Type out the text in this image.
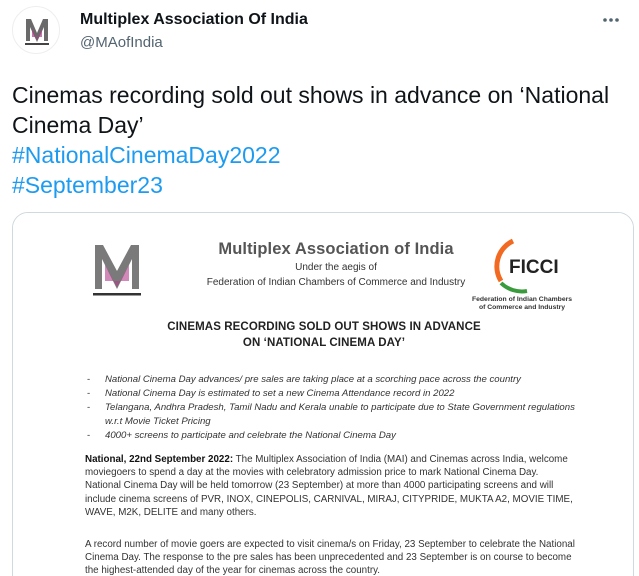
Multiplex Association Of India
@MAofIndia
Cinemas recording sold out shows in advance on ‘National Cinema Day’
#NationalCinemaDay2022
#September23
Multiplex Association of India
Under the aegis of
Federation of Indian Chambers of Commerce and Industry
FICCI
Federation of Indian Chambers
of Commerce and Industry
CINEMAS RECORDING SOLD OUT SHOWS IN ADVANCE
ON ‘NATIONAL CINEMA DAY’
- National Cinema Day advances/ pre sales are taking place at a scorching pace across the country
- National Cinema Day is estimated to set a new Cinema Attendance record in 2022
- Telangana, Andhra Pradesh, Tamil Nadu and Kerala unable to participate due to State Government regulations w.r.t Movie Ticket Pricing
- 4000+ screens to participate and celebrate the National Cinema Day
National, 22nd September 2022: The Multiplex Association of India (MAI) and Cinemas across India, welcome moviegoers to spend a day at the movies with celebratory admission price to mark National Cinema Day. National Cinema Day will be held tomorrow (23 September) at more than 4000 participating screens and will include cinema screens of PVR, INOX, CINEPOLIS, CARNIVAL, MIRAJ, CITYPRIDE, MUKTA A2, MOVIE TIME, WAVE, M2K, DELITE and many others.
A record number of movie goers are expected to visit cinema/s on Friday, 23 September to celebrate the National Cinema Day. The response to the pre sales has been unprecedented and 23 September is on course to become the highest-attended day of the year for cinemas across the country.
